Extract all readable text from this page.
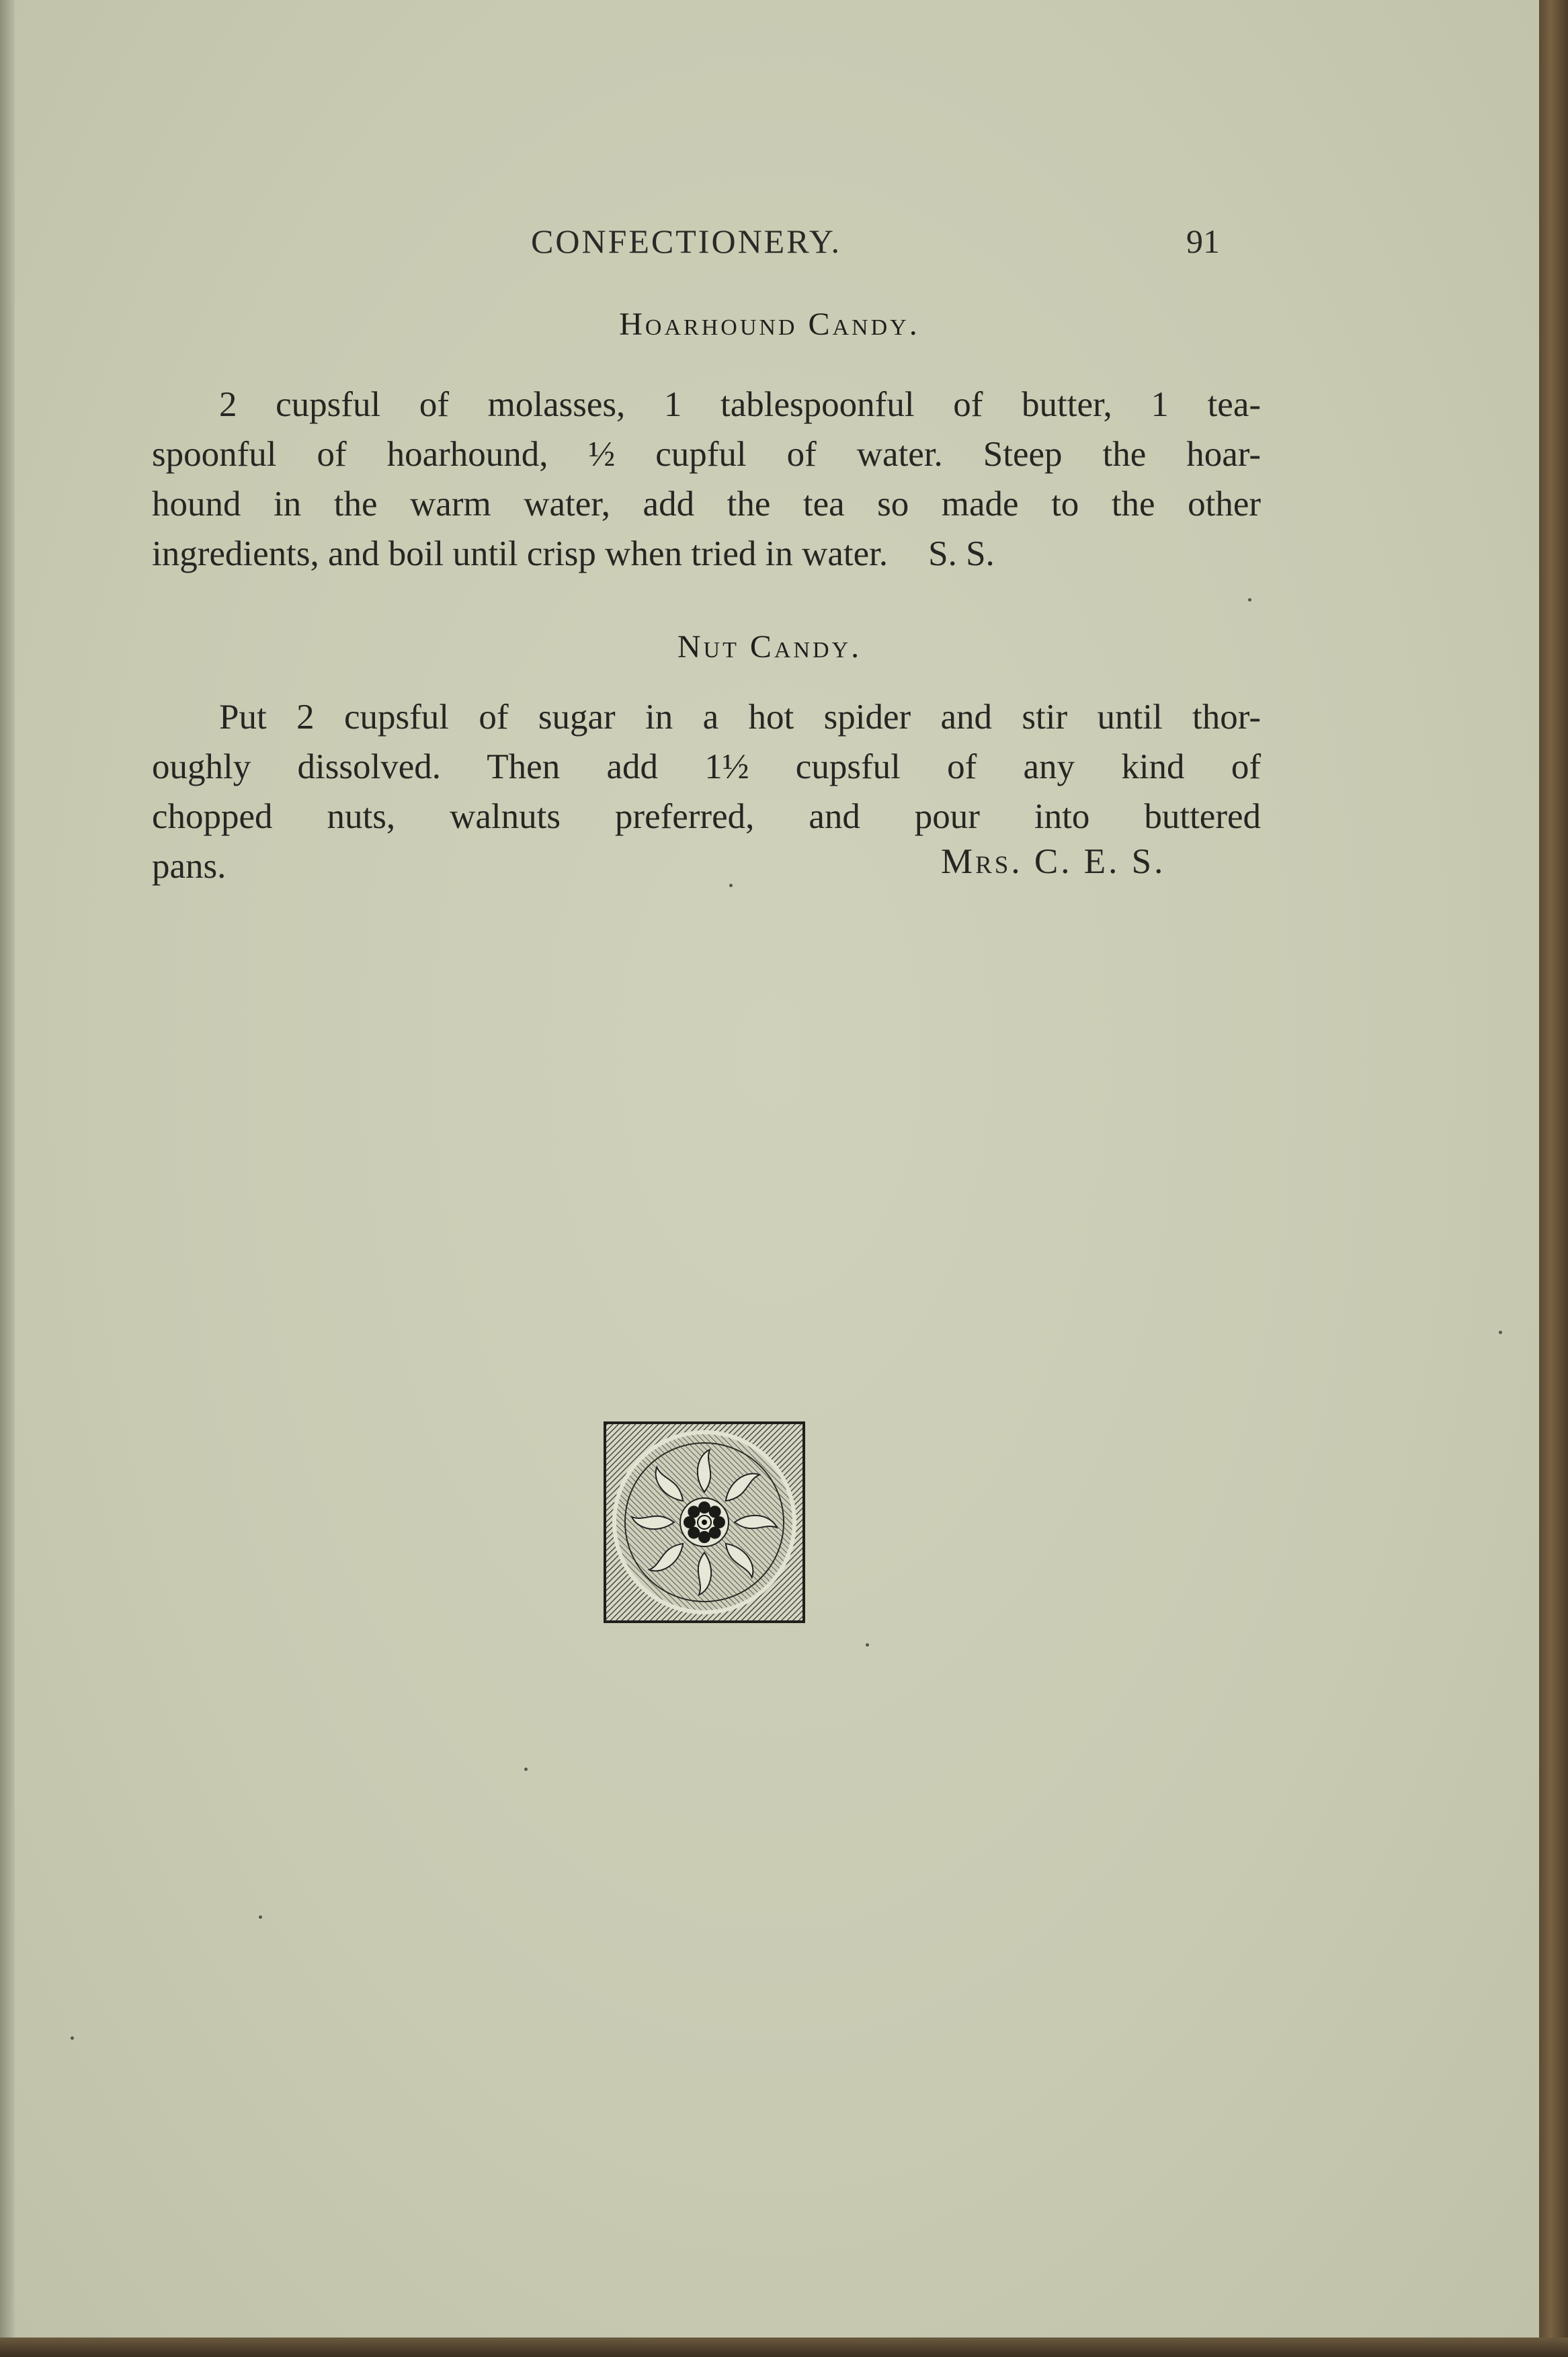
CONFECTIONERY.	91
Hoarhound Candy.
2 cupsful of molasses, 1 tablespoonful of butter, 1 tea-
spoonful of hoarhound, ½ cupful of water. Steep the hoar-
hound in the warm water, add the tea so made to the other
ingredients, and boil until crisp when tried in water. S. S.
Nut Candy.
Put 2 cupsful of sugar in a hot spider and stir until thor-
oughly dissolved. Then add 1½ cupsful of any kind of
chopped nuts, walnuts preferred, and pour into buttered
pans.	Mrs. C. E. S.
